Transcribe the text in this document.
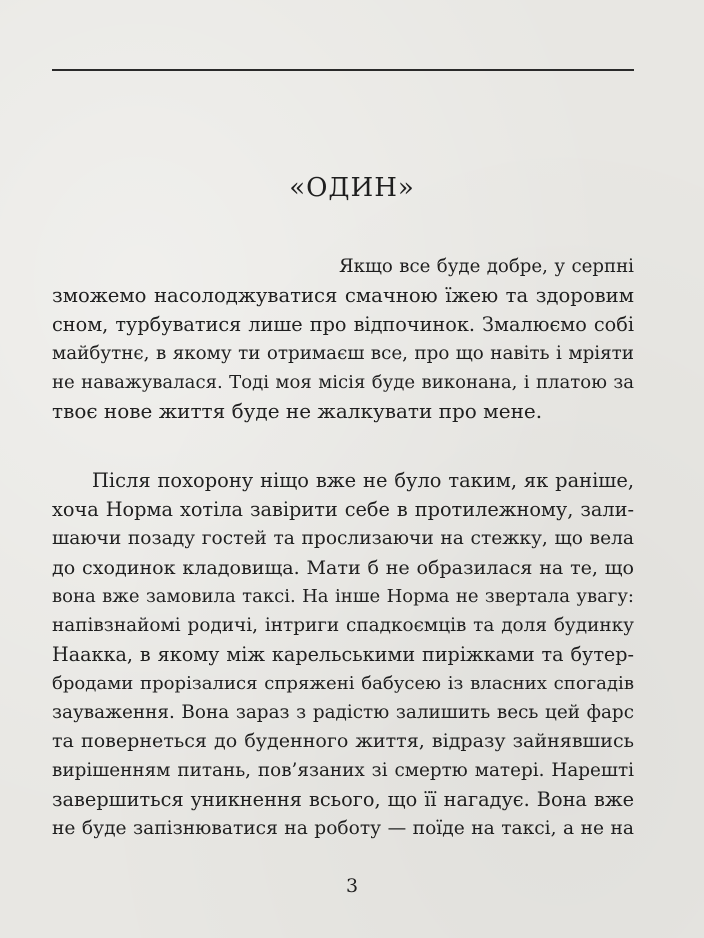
«ОДИН»
Якщо все буде добре, у серпні
зможемо насолоджуватися смачною їжею та здоровим
сном, турбуватися лише про відпочинок. Змалюємо собі
майбутнє, в якому ти отримаєш все, про що навіть і мріяти
не наважувалася. Тоді моя місія буде виконана, і платою за
твоє нове життя буде не жалкувати про мене.
Після похорону ніщо вже не було таким, як раніше,
хоча Норма хотіла завірити себе в протилежному, зали-
шаючи позаду гостей та прослизаючи на стежку, що вела
до сходинок кладовища. Мати б не образилася на те, що
вона вже замовила таксі. На інше Норма не звертала увагу:
напівзнайомі родичі, інтриги спадкоємців та доля будинку
Наакка, в якому між карельськими пиріжками та бутер-
бродами прорізалися спряжені бабусею із власних спогадів
зауваження. Вона зараз з радістю залишить весь цей фарс
та повернеться до буденного життя, відразу зайнявшись
вирішенням питань, пов’язаних зі смертю матері. Нарешті
завершиться уникнення всього, що її нагадує. Вона вже
не буде запізнюватися на роботу — поїде на таксі, а не на
3
